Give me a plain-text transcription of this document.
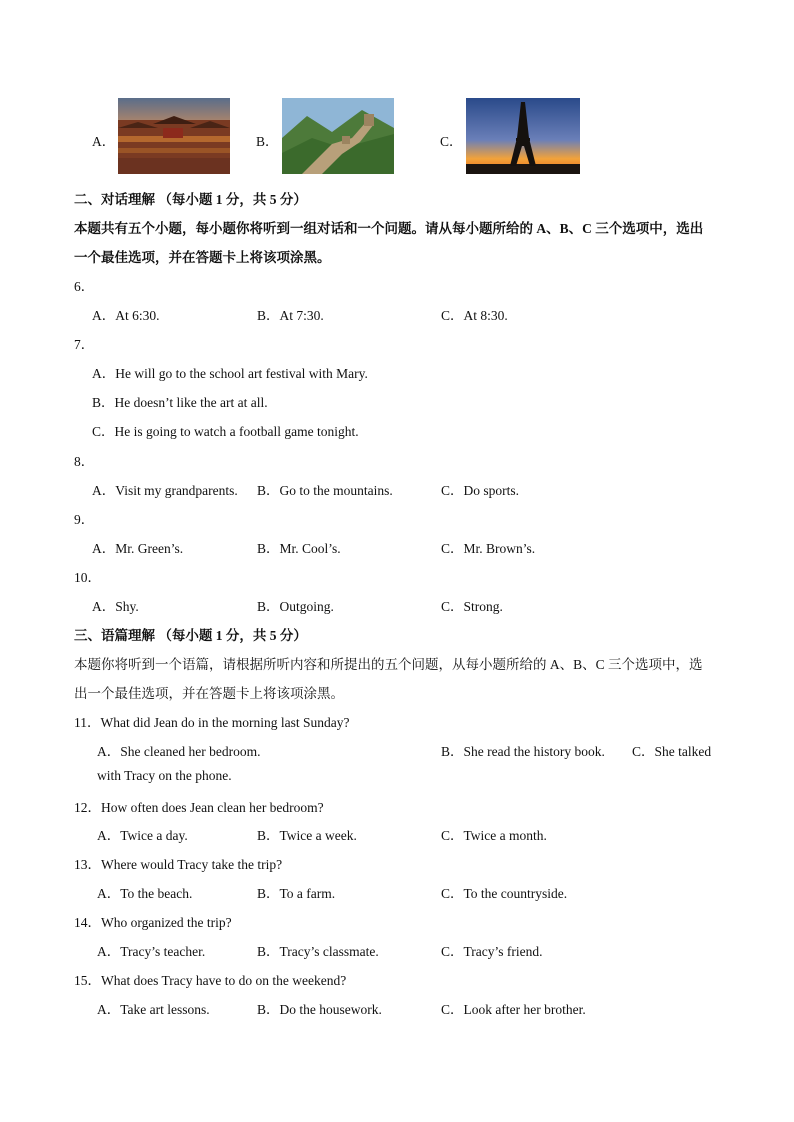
A．	B．	C．
二、对话理解 （每小题 1 分，共 5 分）
本题共有五个小题，每小题你将听到一组对话和一个问题。请从每小题所给的 A、B、C 三个选项中，选出
一个最佳选项，并在答题卡上将该项涂黑。
6．
A．At 6:30.	B．At 7:30.	C．At 8:30.
7．
A．He will go to the school art festival with Mary.
B．He doesn’t like the art at all.
C．He is going to watch a football game tonight.
8．
A．Visit my grandparents. B．Go to the mountains.	C．Do sports.
9．
A．Mr. Green’s.	B．Mr. Cool’s.	C．Mr. Brown’s.
10．
A．Shy.	B．Outgoing.	C．Strong.
三、语篇理解 （每小题 1 分，共 5 分）
本题你将听到一个语篇，请根据所听内容和所提出的五个问题，从每小题所给的 A、B、C 三个选项中，选
出一个最佳选项，并在答题卡上将该项涂黑。
11．What did Jean do in the morning last Sunday?
A．She cleaned her bedroom.	B．She read the history book. C．She talked
with Tracy on the phone.
12．How often does Jean clean her bedroom?
A．Twice a day.	B．Twice a week.	C．Twice a month.
13．Where would Tracy take the trip?
A．To the beach.	B．To a farm.	C．To the countryside.
14．Who organized the trip?
A．Tracy’s teacher.	B．Tracy’s classmate.	C．Tracy’s friend.
15．What does Tracy have to do on the weekend?
A．Take art lessons.	B．Do the housework.	C．Look after her brother.
